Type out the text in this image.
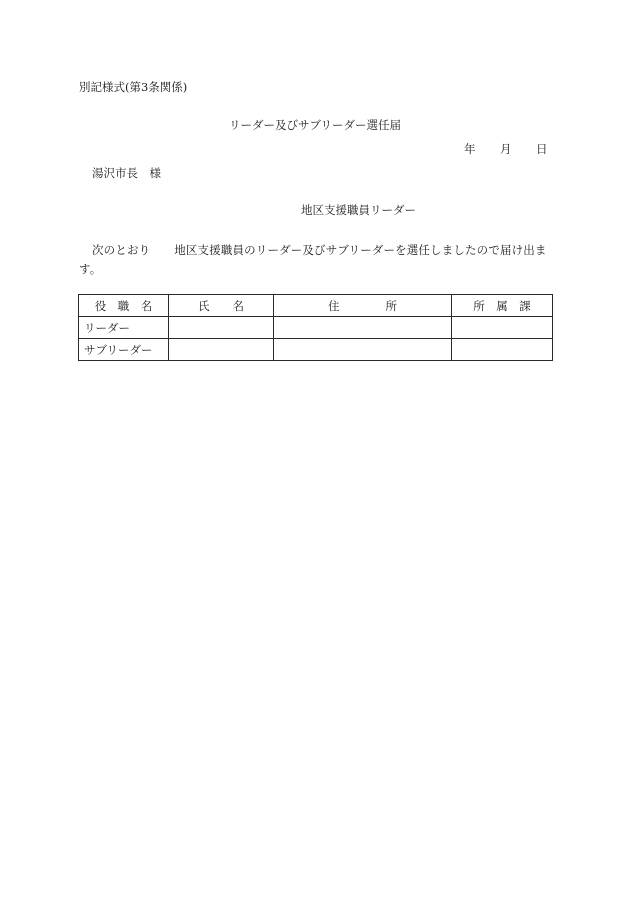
別記様式(第3条関係)
リーダー及びサブリーダー選任届
年 月 日
湯沢市長　様
地区支援職員リーダー
次のとおり 地区支援職員のリーダー及びサブリーダーを選任しましたので届け出ます。
役　職　名	氏　　名	住　　　　所	所　属　課
リーダー			
サブリーダー			
